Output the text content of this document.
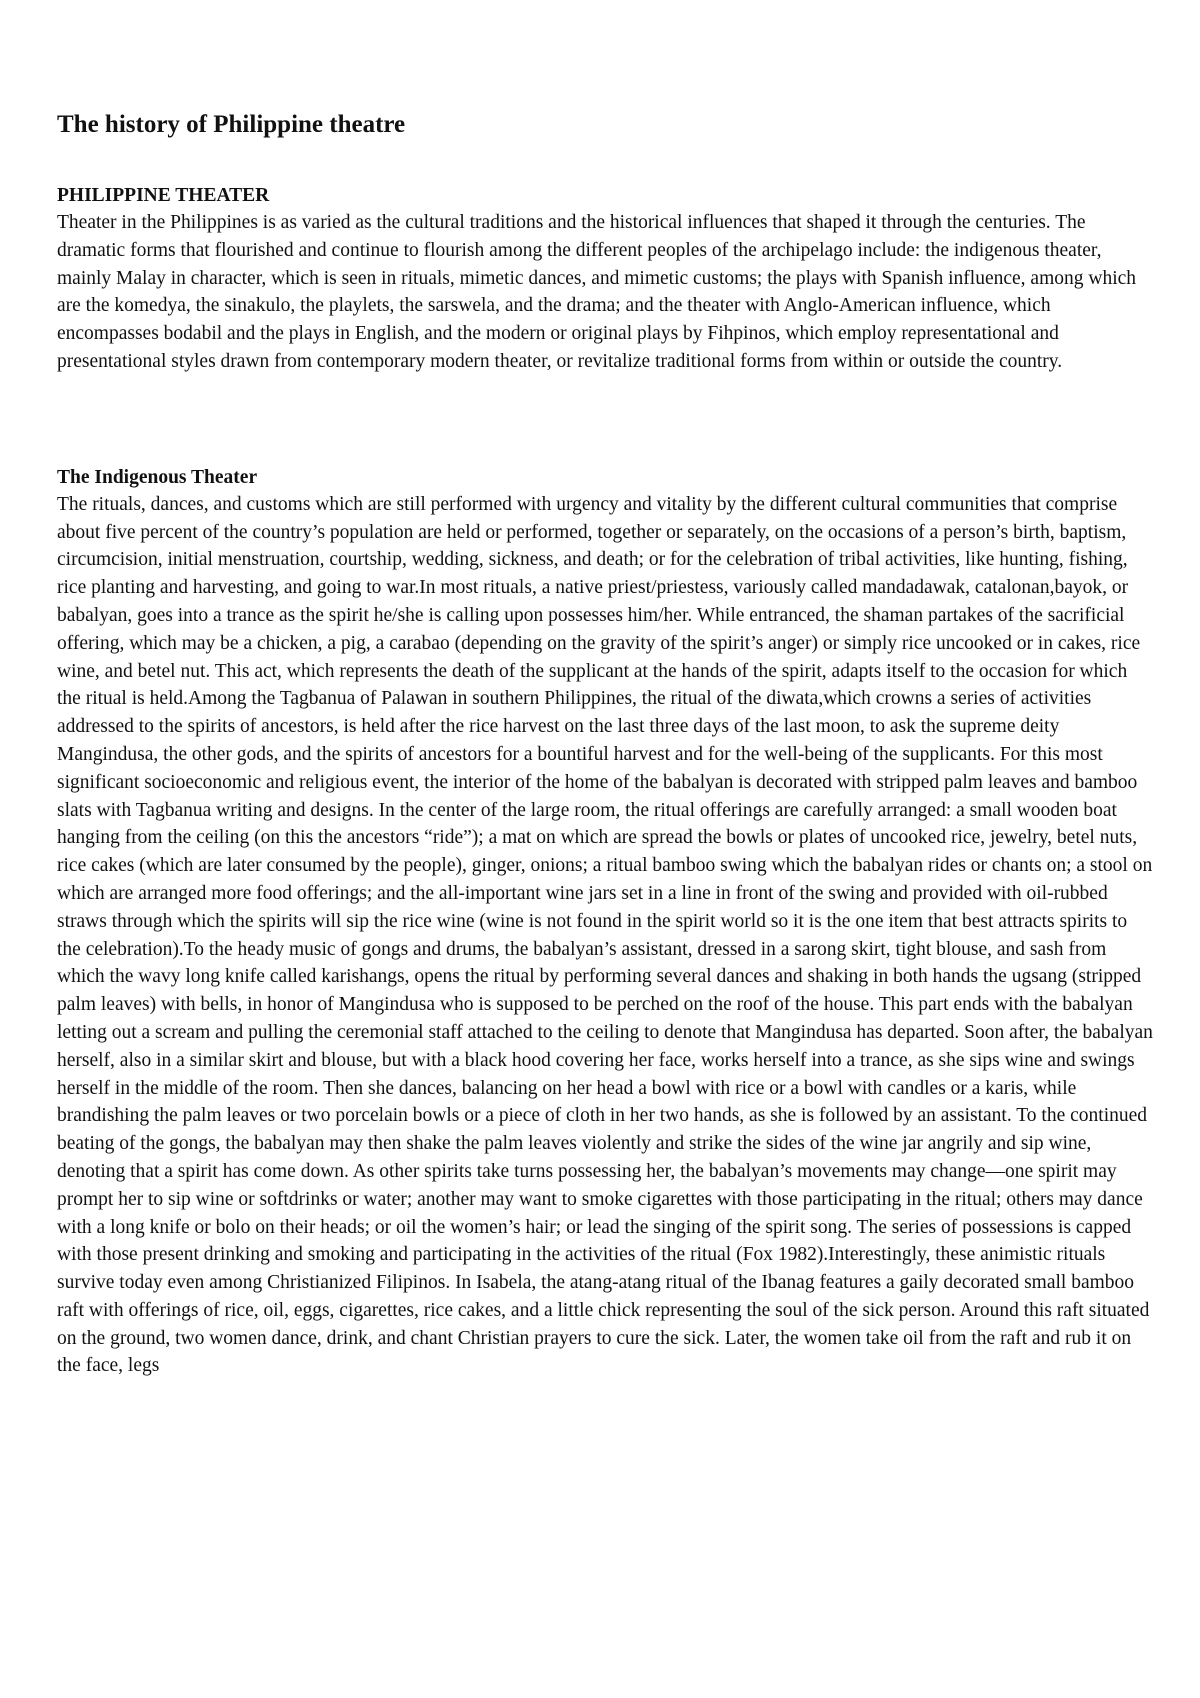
The history of Philippine theatre
PHILIPPINE THEATER

Theater in the Philippines is as varied as the cultural traditions and the historical influences that shaped it through the centuries. The dramatic forms that flourished and continue to flourish among the different peoples of the archipelago include: the indigenous theater, mainly Malay in character, which is seen in rituals, mimetic dances, and mimetic customs; the plays with Spanish influence, among which are the komedya, the sinakulo, the playlets, the sarswela, and the drama; and the theater with Anglo-American influence, which encompasses bodabil and the plays in English, and the modern or original plays by Fihpinos, which employ representational and presentational styles drawn from contemporary modern theater, or revitalize traditional forms from within or outside the country.

The Indigenous Theater

The rituals, dances, and customs which are still performed with urgency and vitality by the different cultural communities that comprise about five percent of the country’s population are held or performed, together or separately, on the occasions of a person’s birth, baptism, circumcision, initial menstruation, courtship, wedding, sickness, and death; or for the celebration of tribal activities, like hunting, fishing, rice planting and harvesting, and going to war.In most rituals, a native priest/priestess, variously called mandadawak, catalonan,bayok, or babalyan, goes into a trance as the spirit he/she is calling upon possesses him/her. While entranced, the shaman partakes of the sacrificial offering, which may be a chicken, a pig, a carabao (depending on the gravity of the spirit’s anger) or simply rice uncooked or in cakes, rice wine, and betel nut. This act, which represents the death of the supplicant at the hands of the spirit, adapts itself to the occasion for which the ritual is held.Among the Tagbanua of Palawan in southern Philippines, the ritual of the diwata,which crowns a series of activities addressed to the spirits of ancestors, is held after the rice harvest on the last three days of the last moon, to ask the supreme deity Mangindusa, the other gods, and the spirits of ancestors for a bountiful harvest and for the well-being of the supplicants. For this most significant socioeconomic and religious event, the interior of the home of the babalyan is decorated with stripped palm leaves and bamboo slats with Tagbanua writing and designs. In the center of the large room, the ritual offerings are carefully arranged: a small wooden boat hanging from the ceiling (on this the ancestors “ride”); a mat on which are spread the bowls or plates of uncooked rice, jewelry, betel nuts, rice cakes (which are later consumed by the people), ginger, onions; a ritual bamboo swing which the babalyan rides or chants on; a stool on which are arranged more food offerings; and the all-important wine jars set in a line in front of the swing and provided with oil-rubbed straws through which the spirits will sip the rice wine (wine is not found in the spirit world so it is the one item that best attracts spirits to the celebration).To the heady music of gongs and drums, the babalyan’s assistant, dressed in a sarong skirt, tight blouse, and sash from which the wavy long knife called karishangs, opens the ritual by performing several dances and shaking in both hands the ugsang (stripped palm leaves) with bells, in honor of Mangindusa who is supposed to be perched on the roof of the house. This part ends with the babalyan letting out a scream and pulling the ceremonial staff attached to the ceiling to denote that Mangindusa has departed. Soon after, the babalyan herself, also in a similar skirt and blouse, but with a black hood covering her face, works herself into a trance, as she sips wine and swings herself in the middle of the room. Then she dances, balancing on her head a bowl with rice or a bowl with candles or a karis, while brandishing the palm leaves or two porcelain bowls or a piece of cloth in her two hands, as she is followed by an assistant. To the continued beating of the gongs, the babalyan may then shake the palm leaves violently and strike the sides of the wine jar angrily and sip wine, denoting that a spirit has come down. As other spirits take turns possessing her, the babalyan’s movements may change—one spirit may prompt her to sip wine or softdrinks or water; another may want to smoke cigarettes with those participating in the ritual; others may dance with a long knife or bolo on their heads; or oil the women’s hair; or lead the singing of the spirit song. The series of possessions is capped with those present drinking and smoking and participating in the activities of the ritual (Fox 1982).Interestingly, these animistic rituals survive today even among Christianized Filipinos. In Isabela, the atang-atang ritual of the Ibanag features a gaily decorated small bamboo raft with offerings of rice, oil, eggs, cigarettes, rice cakes, and a little chick representing the soul of the sick person. Around this raft situated on the ground, two women dance, drink, and chant Christian prayers to cure the sick. Later, the women take oil from the raft and rub it on the face, legs
